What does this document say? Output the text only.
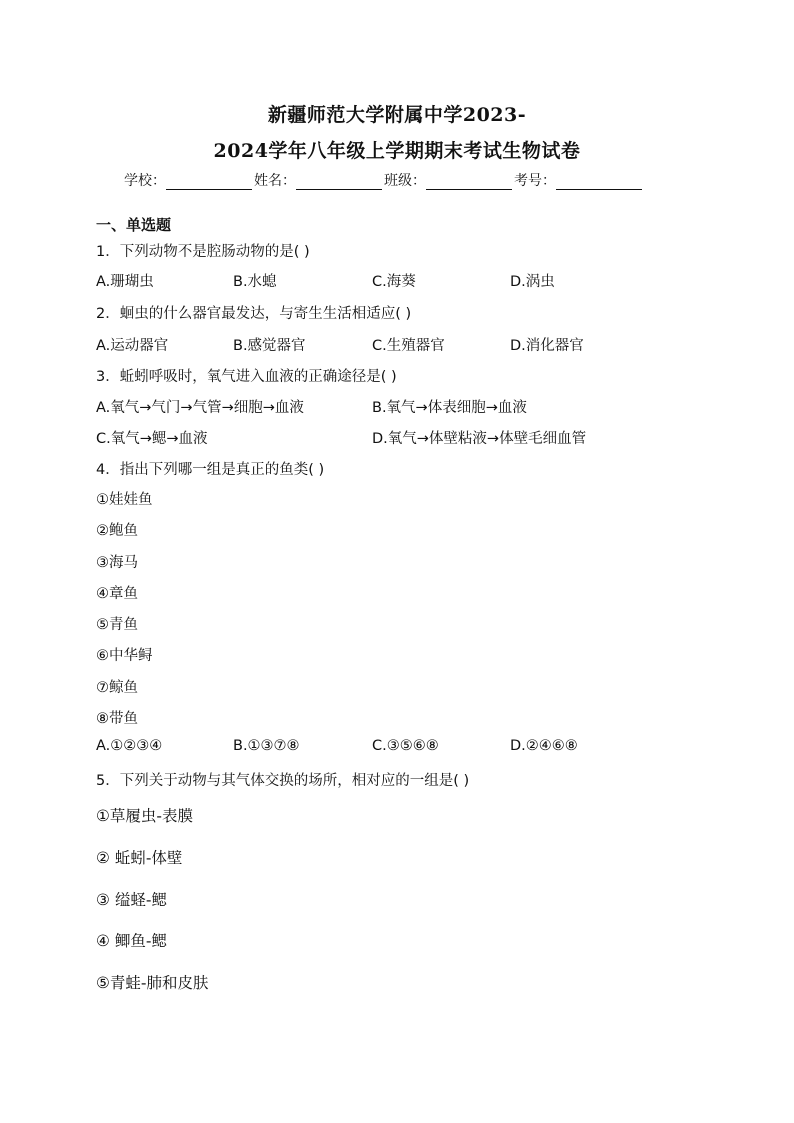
新疆师范大学附属中学2023-
2024学年八年级上学期期末考试生物试卷
学校：	姓名：	班级：	考号：
一、单选题
1．下列动物不是腔肠动物的是( )
A.珊瑚虫	B.水螅	C.海葵	D.涡虫
2．蛔虫的什么器官最发达，与寄生生活相适应( )
A.运动器官	B.感觉器官	C.生殖器官	D.消化器官
3．蚯蚓呼吸时，氧气进入血液的正确途径是( )
A.氧气→气门→气管→细胞→血液	B.氧气→体表细胞→血液
C.氧气→鳃→血液	D.氧气→体壁粘液→体壁毛细血管
4．指出下列哪一组是真正的鱼类( )
①娃娃鱼
②鲍鱼
③海马
④章鱼
⑤青鱼
⑥中华鲟
⑦鲸鱼
⑧带鱼
A.①②③④	B.①③⑦⑧	C.③⑤⑥⑧	D.②④⑥⑧
5．下列关于动物与其气体交换的场所，相对应的一组是( )
①草履虫-表膜
② 蚯蚓-体壁
③ 缢蛏-鳃
④ 鲫鱼-鳃
⑤青蛙-肺和皮肤
